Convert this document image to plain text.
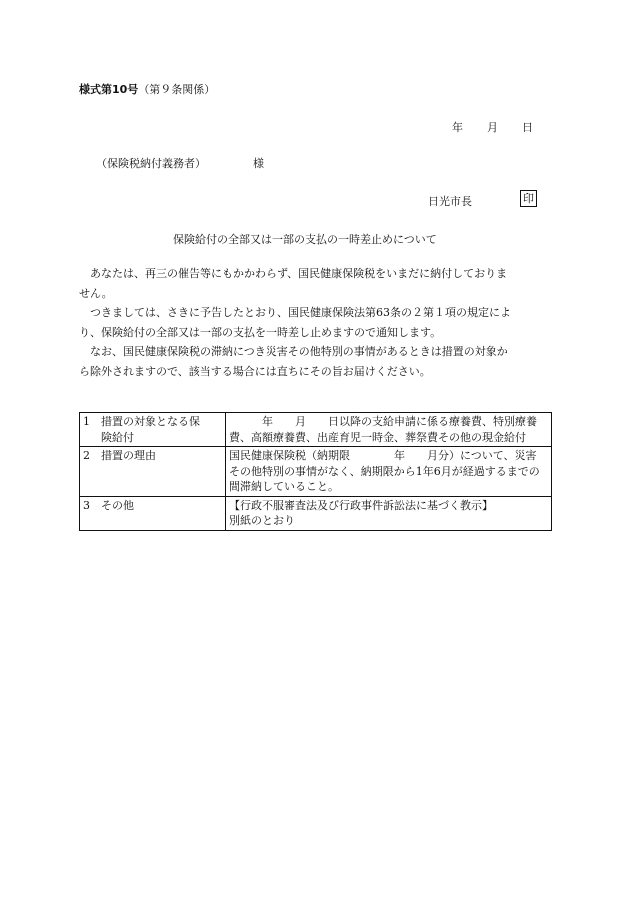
様式第10号（第９条関係）
年 月 日
（保険税納付義務者）	様
日光市長	印
保険給付の全部又は一部の支払の一時差止めについて

あなたは、再三の催告等にもかかわらず、国民健康保険税をいまだに納付しておりま
せん。

つきましては、さきに予告したとおり、国民健康保険法第63条の２第１項の規定によ
り、保険給付の全部又は一部の支払を一時差し止めますので通知します。

なお、国民健康保険税の滞納につき災害その他特別の事情があるときは措置の対象か
ら除外されますので、該当する場合には直ちにその旨お届けください。

1 措置の対象となる保
険給付	　　　年　　月　　日以降の支給申請に係る療養費、特別療養
費、高額療養費、出産育児一時金、葬祭費その他の現金給付

2 措置の理由	国民健康保険税（納期限　　　　年　　月分）について、災害
その他特別の事情がなく、納期限から1年6月が経過するまでの
間滞納していること。

3 その他	【行政不服審査法及び行政事件訴訟法に基づく教示】
別紙のとおり
